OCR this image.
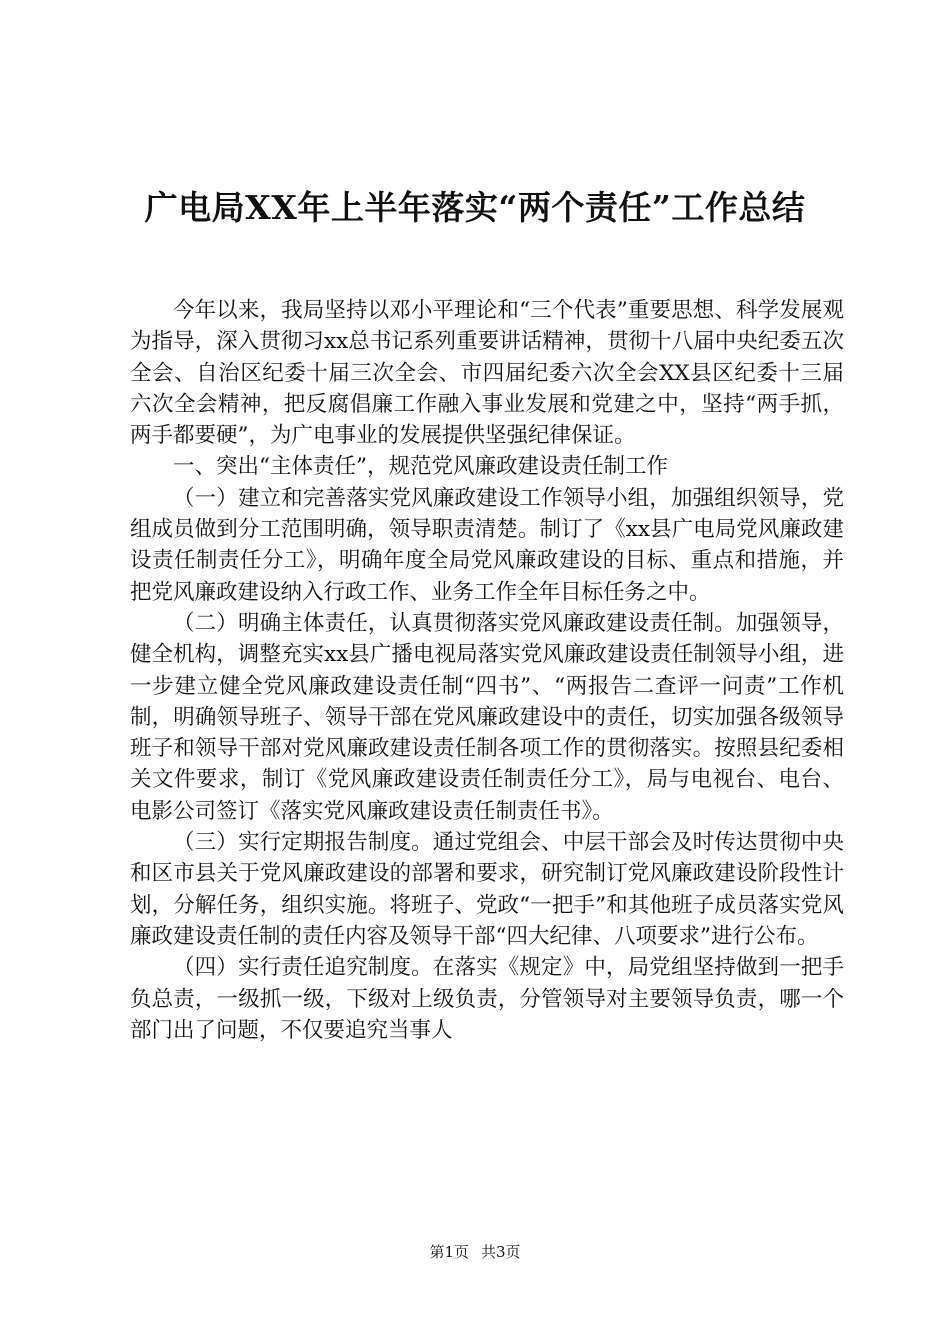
广电局XX年上半年落实“两个责任”工作总结

今年以来，我局坚持以邓小平理论和“三个代表”重要思想、科学发展观为指导，深入贯彻习xx总书记系列重要讲话精神，贯彻十八届中央纪委五次全会、自治区纪委十届三次全会、市四届纪委六次全会XX县区纪委十三届六次全会精神，把反腐倡廉工作融入事业发展和党建之中，坚持“两手抓，两手都要硬”，为广电事业的发展提供坚强纪律保证。

一、突出“主体责任”，规范党风廉政建设责任制工作

（一）建立和完善落实党风廉政建设工作领导小组，加强组织领导，党组成员做到分工范围明确，领导职责清楚。制订了《xx县广电局党风廉政建设责任制责任分工》，明确年度全局党风廉政建设的目标、重点和措施，并把党风廉政建设纳入行政工作、业务工作全年目标任务之中。

（二）明确主体责任，认真贯彻落实党风廉政建设责任制。加强领导，健全机构，调整充实xx县广播电视局落实党风廉政建设责任制领导小组，进一步建立健全党风廉政建设责任制“四书”、“两报告二查评一问责”工作机制，明确领导班子、领导干部在党风廉政建设中的责任，切实加强各级领导班子和领导干部对党风廉政建设责任制各项工作的贯彻落实。按照县纪委相关文件要求，制订《党风廉政建设责任制责任分工》，局与电视台、电台、电影公司签订《落实党风廉政建设责任制责任书》。

（三）实行定期报告制度。通过党组会、中层干部会及时传达贯彻中央和区市县关于党风廉政建设的部署和要求，研究制订党风廉政建设阶段性计划，分解任务，组织实施。将班子、党政“一把手”和其他班子成员落实党风廉政建设责任制的责任内容及领导干部“四大纪律、八项要求”进行公布。

（四）实行责任追究制度。在落实《规定》中，局党组坚持做到一把手负总责，一级抓一级，下级对上级负责，分管领导对主要领导负责，哪一个部门出了问题，不仅要追究当事人

第1页 共3页
